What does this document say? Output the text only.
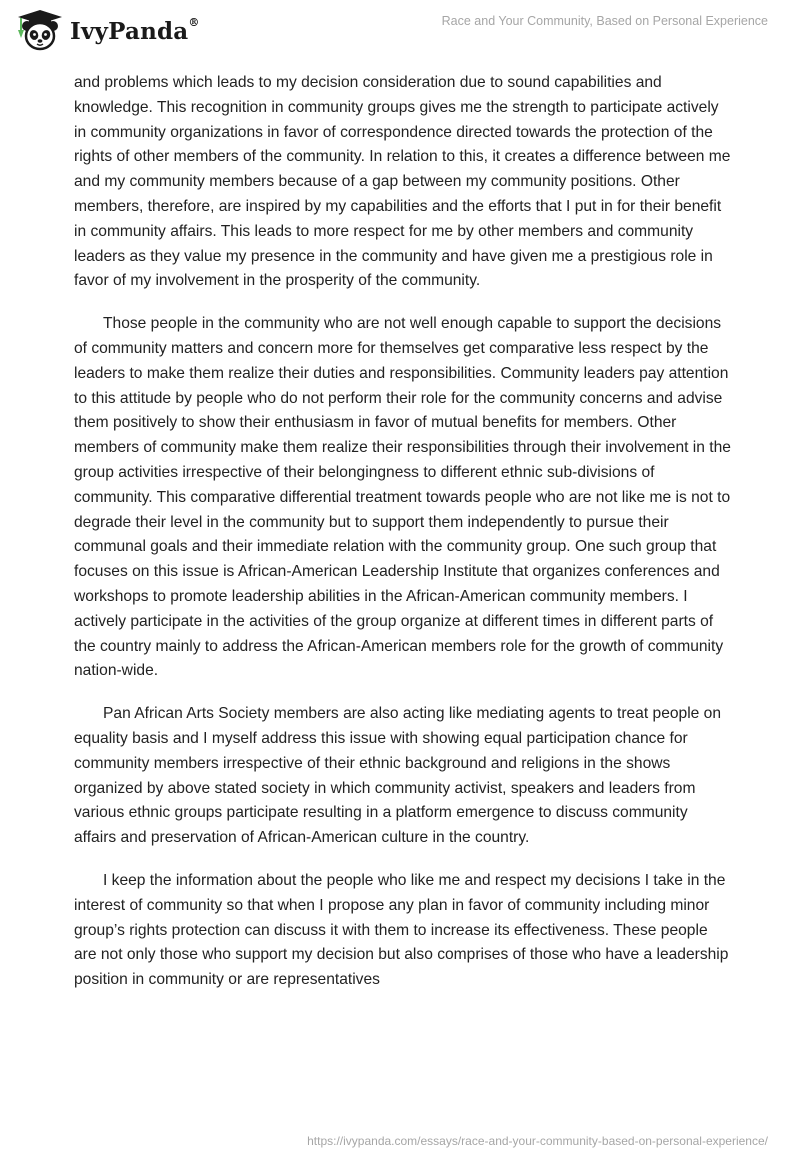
IvyPanda®	Race and Your Community, Based on Personal Experience

and problems which leads to my decision consideration due to sound capabilities and knowledge. This recognition in community groups gives me the strength to participate actively in community organizations in favor of correspondence directed towards the protection of the rights of other members of the community. In relation to this, it creates a difference between me and my community members because of a gap between my community positions. Other members, therefore, are inspired by my capabilities and the efforts that I put in for their benefit in community affairs. This leads to more respect for me by other members and community leaders as they value my presence in the community and have given me a prestigious role in favor of my involvement in the prosperity of the community.

Those people in the community who are not well enough capable to support the decisions of community matters and concern more for themselves get comparative less respect by the leaders to make them realize their duties and responsibilities. Community leaders pay attention to this attitude by people who do not perform their role for the community concerns and advise them positively to show their enthusiasm in favor of mutual benefits for members. Other members of community make them realize their responsibilities through their involvement in the group activities irrespective of their belongingness to different ethnic sub-divisions of community. This comparative differential treatment towards people who are not like me is not to degrade their level in the community but to support them independently to pursue their communal goals and their immediate relation with the community group. One such group that focuses on this issue is African-American Leadership Institute that organizes conferences and workshops to promote leadership abilities in the African-American community members. I actively participate in the activities of the group organize at different times in different parts of the country mainly to address the African-American members role for the growth of community nation-wide.

Pan African Arts Society members are also acting like mediating agents to treat people on equality basis and I myself address this issue with showing equal participation chance for community members irrespective of their ethnic background and religions in the shows organized by above stated society in which community activist, speakers and leaders from various ethnic groups participate resulting in a platform emergence to discuss community affairs and preservation of African-American culture in the country.

I keep the information about the people who like me and respect my decisions I take in the interest of community so that when I propose any plan in favor of community including minor group’s rights protection can discuss it with them to increase its effectiveness. These people are not only those who support my decision but also comprises of those who have a leadership position in community or are representatives

https://ivypanda.com/essays/race-and-your-community-based-on-personal-experience/
